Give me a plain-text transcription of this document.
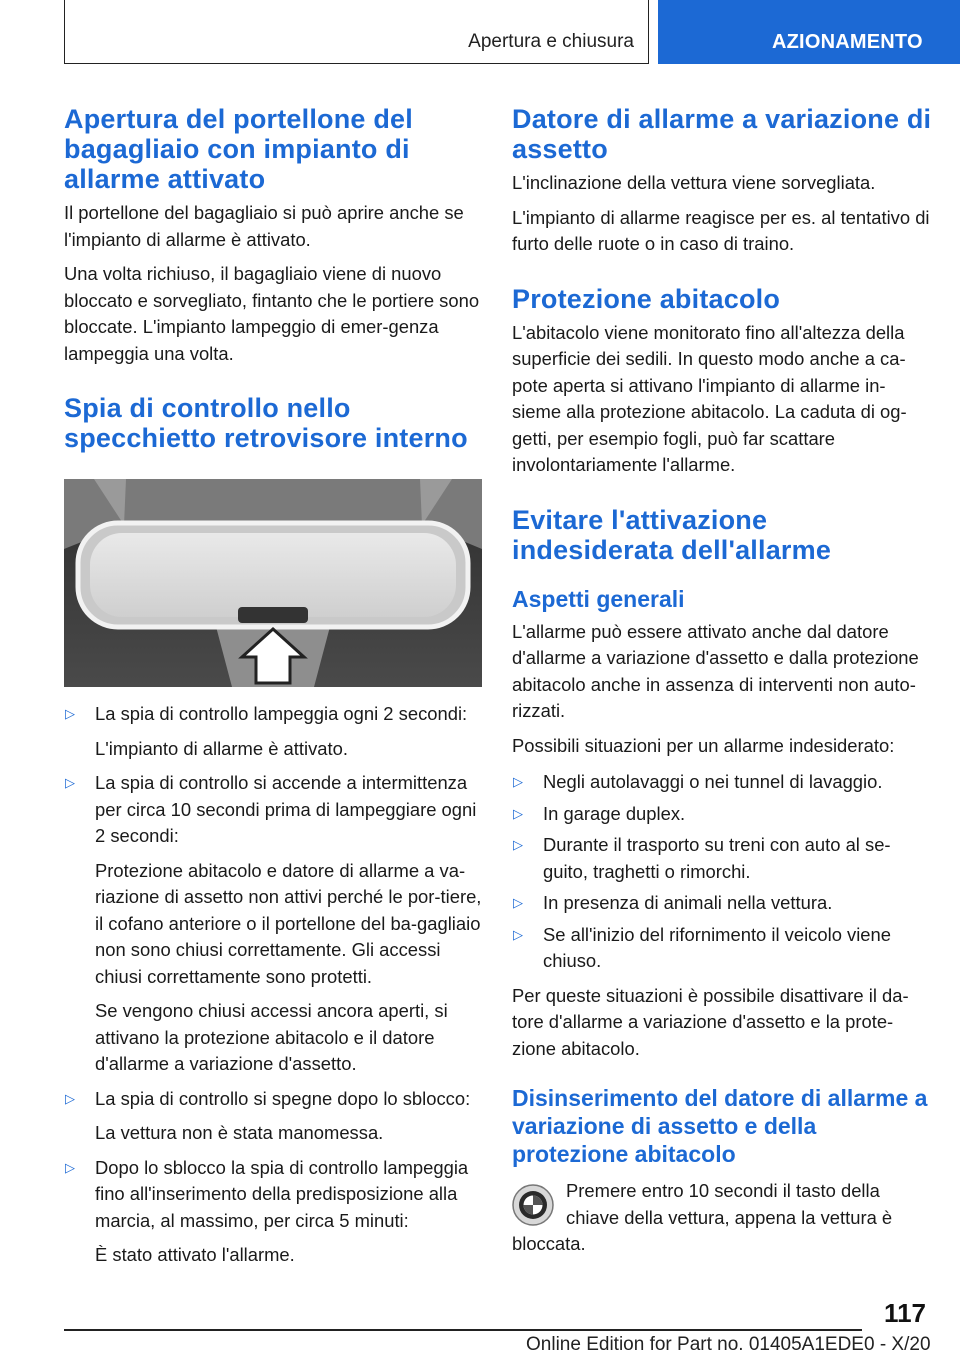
Apertura e chiusura	AZIONAMENTO
Apertura del portellone del bagagliaio con impianto di allarme attivato

Il portellone del bagagliaio si può aprire anche se l'impianto di allarme è attivato.

Una volta richiuso, il bagagliaio viene di nuovo bloccato e sorvegliato, fintanto che le portiere sono bloccate. L'impianto lampeggio di emer-genza lampeggia una volta.

Spia di controllo nello specchietto retrovisore interno
▷ La spia di controllo lampeggia ogni 2 secondi:

L'impianto di allarme è attivato.

▷ La spia di controllo si accende a intermittenza per circa 10 secondi prima di lampeggiare ogni 2 secondi:

Protezione abitacolo e datore di allarme a va-riazione di assetto non attivi perché le por-tiere, il cofano anteriore o il portellone del ba-gagliaio non sono chiusi correttamente. Gli accessi chiusi correttamente sono protetti.

Se vengono chiusi accessi ancora aperti, si attivano la protezione abitacolo e il datore d'allarme a variazione d'assetto.

▷ La spia di controllo si spegne dopo lo sblocco:

La vettura non è stata manomessa.

▷ Dopo lo sblocco la spia di controllo lampeggia fino all'inserimento della predisposizione alla marcia, al massimo, per circa 5 minuti:

È stato attivato l'allarme.

Datore di allarme a variazione di assetto

L'inclinazione della vettura viene sorvegliata.

L'impianto di allarme reagisce per es. al tentativo di furto delle ruote o in caso di traino.

Protezione abitacolo

L'abitacolo viene monitorato fino all'altezza della superficie dei sedili. In questo modo anche a ca-pote aperta si attivano l'impianto di allarme in-sieme alla protezione abitacolo. La caduta di og-getti, per esempio fogli, può far scattare involontariamente l'allarme.

Evitare l'attivazione indesiderata dell'allarme
Aspetti generali

L'allarme può essere attivato anche dal datore d'allarme a variazione d'assetto e dalla protezione abitacolo anche in assenza di interventi non auto-rizzati.

Possibili situazioni per un allarme indesiderato:

▷ Negli autolavaggi o nei tunnel di lavaggio.

▷ In garage duplex.

▷ Durante il trasporto su treni con auto al se-guito, traghetti o rimorchi.

▷ In presenza di animali nella vettura.

▷ Se all'inizio del rifornimento il veicolo viene chiuso.

Per queste situazioni è possibile disattivare il da-tore d'allarme a variazione d'assetto e la prote-zione abitacolo.

Disinserimento del datore di allarme a variazione di assetto e della protezione abitacolo

Premere entro 10 secondi il tasto della chiave della vettura, appena la vettura è bloccata.

117
Online Edition for Part no. 01405A1EDE0 - X/20
